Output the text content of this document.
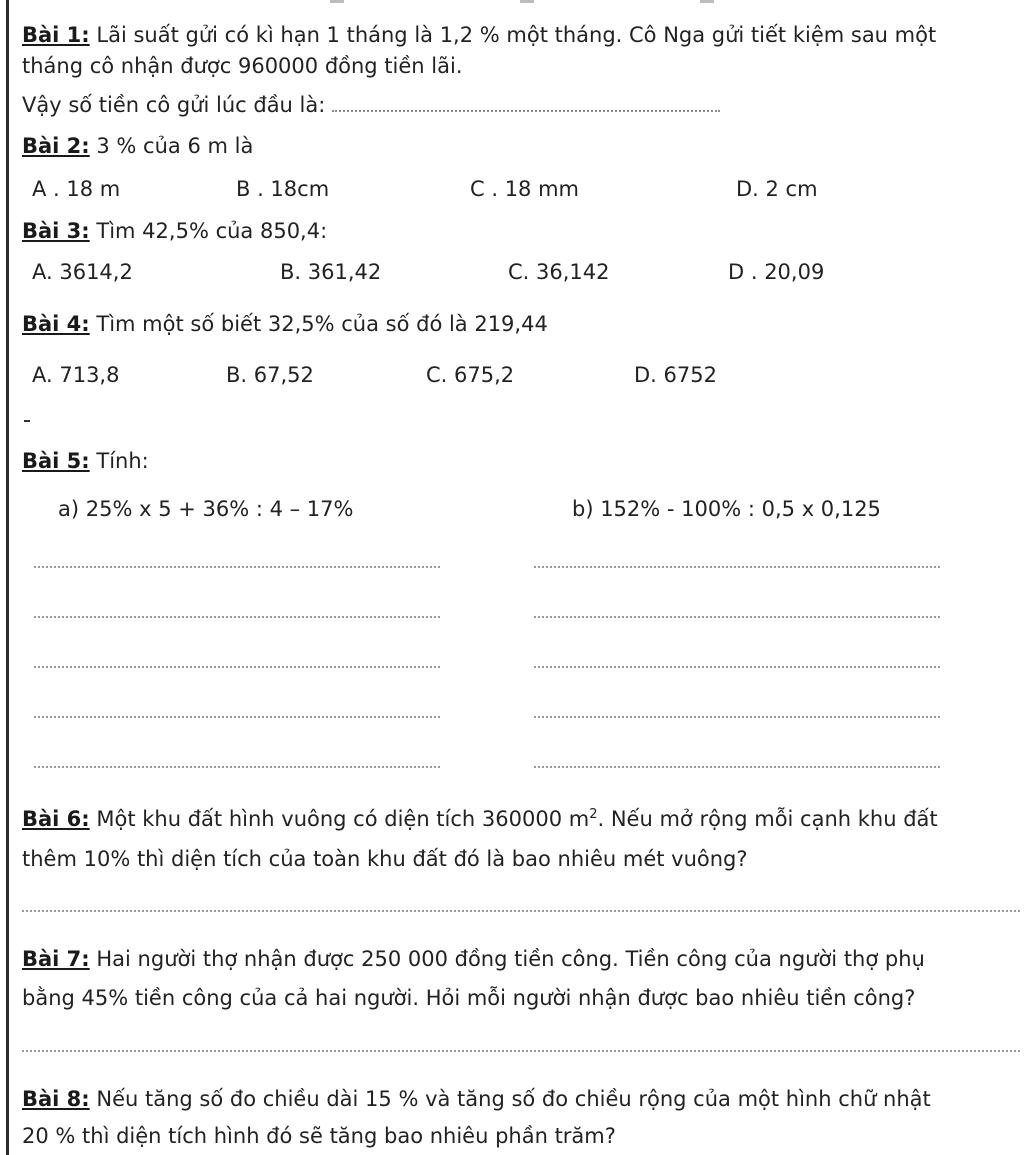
Bài 1: Lãi suất gửi có kì hạn 1 tháng là 1,2 % một tháng. Cô Nga gửi tiết kiệm sau một
tháng cô nhận được 960000 đồng tiền lãi.
Vậy số tiền cô gửi lúc đầu là:
Bài 2: 3 % của 6 m là
A . 18 m	B . 18cm	C . 18 mm	D. 2 cm
Bài 3: Tìm 42,5% của 850,4:
A. 3614,2	B. 361,42	C. 36,142	D . 20,09
Bài 4: Tìm một số biết 32,5% của số đó là 219,44
A. 713,8	B. 67,52	C. 675,2	D. 6752
Bài 5: Tính:
a) 25% x 5 + 36% : 4 – 17%	b) 152% - 100% : 0,5 x 0,125
Bài 6: Một khu đất hình vuông có diện tích 360000 $m^2$. Nếu mở rộng mỗi cạnh khu đất
thêm 10% thì diện tích của toàn khu đất đó là bao nhiêu mét vuông?
Bài 7: Hai người thợ nhận được 250 000 đồng tiền công. Tiền công của người thợ phụ
bằng 45% tiền công của cả hai người. Hỏi mỗi người nhận được bao nhiêu tiền công?
Bài 8: Nếu tăng số đo chiều dài 15 % và tăng số đo chiều rộng của một hình chữ nhật
20 % thì diện tích hình đó sẽ tăng bao nhiêu phần trăm?
